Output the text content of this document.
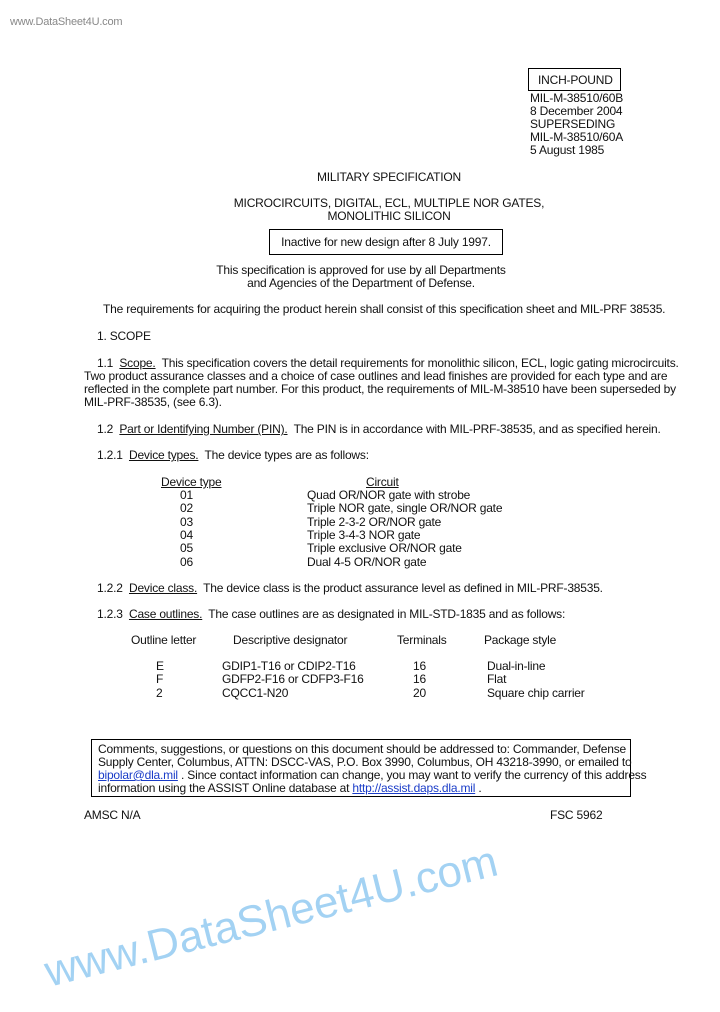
www.DataSheet4U.com
www.DataSheet4U.com
INCH-POUND
MIL-M-38510/60B
8 December 2004
SUPERSEDING
MIL-M-38510/60A
5 August 1985
MILITARY SPECIFICATION
MICROCIRCUITS, DIGITAL, ECL, MULTIPLE NOR GATES,
MONOLITHIC SILICON
Inactive for new design after 8 July 1997.
This specification is approved for use by all Departments
and Agencies of the Department of Defense.
The requirements for acquiring the product herein shall consist of this specification sheet and MIL-PRF 38535.
1. SCOPE
1.1 Scope. This specification covers the detail requirements for monolithic silicon, ECL, logic gating microcircuits.
Two product assurance classes and a choice of case outlines and lead finishes are provided for each type and are
reflected in the complete part number. For this product, the requirements of MIL-M-38510 have been superseded by
MIL-PRF-38535, (see 6.3).
1.2 Part or Identifying Number (PIN). The PIN is in accordance with MIL-PRF-38535, and as specified herein.
1.2.1 Device types. The device types are as follows:
Device type	Circuit
01	Quad OR/NOR gate with strobe
02	Triple NOR gate, single OR/NOR gate
03	Triple 2-3-2 OR/NOR gate
04	Triple 3-4-3 NOR gate
05	Triple exclusive OR/NOR gate
06	Dual 4-5 OR/NOR gate
1.2.2 Device class. The device class is the product assurance level as defined in MIL-PRF-38535.
1.2.3 Case outlines. The case outlines are as designated in MIL-STD-1835 and as follows:
Outline letter	Descriptive designator	Terminals	Package style
E	GDIP1-T16 or CDIP2-T16	16	Dual-in-line
F	GDFP2-F16 or CDFP3-F16	16	Flat
2	CQCC1-N20	20	Square chip carrier
Comments, suggestions, or questions on this document should be addressed to: Commander, Defense
Supply Center, Columbus, ATTN: DSCC-VAS, P.O. Box 3990, Columbus, OH 43218-3990, or emailed to
bipolar@dla.mil . Since contact information can change, you may want to verify the currency of this address
information using the ASSIST Online database at http://assist.daps.dla.mil .
AMSC N/A	FSC 5962
